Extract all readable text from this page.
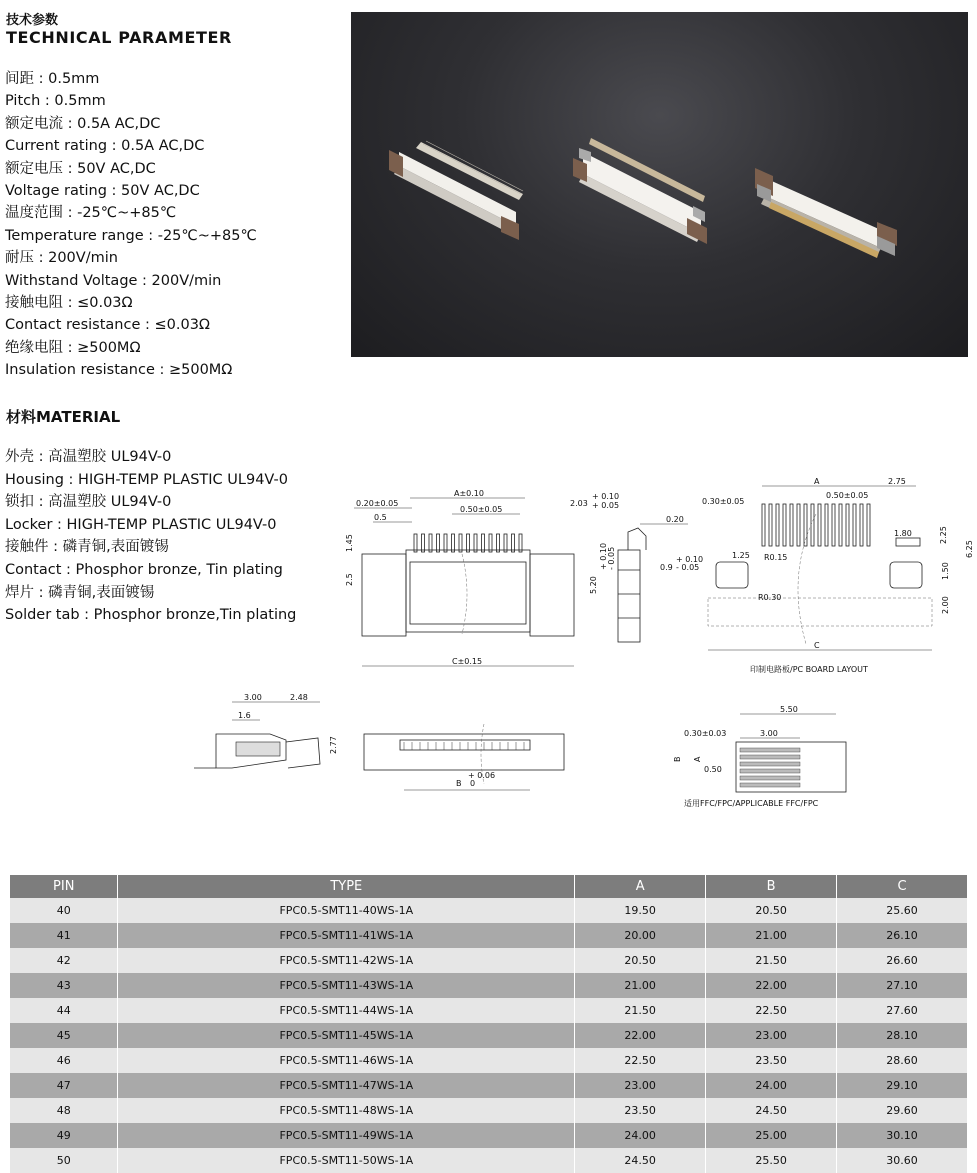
技术参数
TECHNICAL PARAMETER
间距 : 0.5mm
Pitch : 0.5mm
额定电流 : 0.5A AC,DC
Current rating : 0.5A AC,DC
额定电压 : 50V AC,DC
Voltage rating : 50V AC,DC
温度范围 : -25℃~+85℃
Temperature range : -25℃~+85℃
耐压 : 200V/min
Withstand Voltage : 200V/min
接触电阻 : ≤0.03Ω
Contact resistance : ≤0.03Ω
绝缘电阻 : ≥500MΩ
Insulation resistance : ≥500MΩ
材料MATERIAL
外壳 : 高温塑胶 UL94V-0
Housing : HIGH-TEMP PLASTIC UL94V-0
锁扣 : 高温塑胶 UL94V-0
Locker : HIGH-TEMP PLASTIC UL94V-0
接触件 : 磷青铜,表面镀锡
Contact : Phosphor bronze, Tin plating
焊片 : 磷青铜,表面镀锡
Solder tab : Phosphor bronze,Tin plating
0.20±0.05
0.5
A±0.10
0.50±0.05
1.45
2.5
C±0.15
2.03
+ 0.10
+ 0.05
0.20
0.9
+ 0.10
- 0.05
5.20
+ 0.10 - 0.05
0.30±0.05
A	2.75
0.50±0.05
1.80	2.25
1.25 R0.15
1.50
6.25
R0.30	2.00
C
印制电路板/PC BOARD LAYOUT
3.00	2.48
1.6
2.77
B
+ 0.06
0
5.50
0.30±0.03	3.00
B A
0.50
适用FFC/FPC/APPLICABLE FFC/FPC
PIN	TYPE	A	B	C
40	FPC0.5-SMT11-40WS-1A	19.50	20.50	25.60
41	FPC0.5-SMT11-41WS-1A	20.00	21.00	26.10
42	FPC0.5-SMT11-42WS-1A	20.50	21.50	26.60
43	FPC0.5-SMT11-43WS-1A	21.00	22.00	27.10
44	FPC0.5-SMT11-44WS-1A	21.50	22.50	27.60
45	FPC0.5-SMT11-45WS-1A	22.00	23.00	28.10
46	FPC0.5-SMT11-46WS-1A	22.50	23.50	28.60
47	FPC0.5-SMT11-47WS-1A	23.00	24.00	29.10
48	FPC0.5-SMT11-48WS-1A	23.50	24.50	29.60
49	FPC0.5-SMT11-49WS-1A	24.00	25.00	30.10
50	FPC0.5-SMT11-50WS-1A	24.50	25.50	30.60
